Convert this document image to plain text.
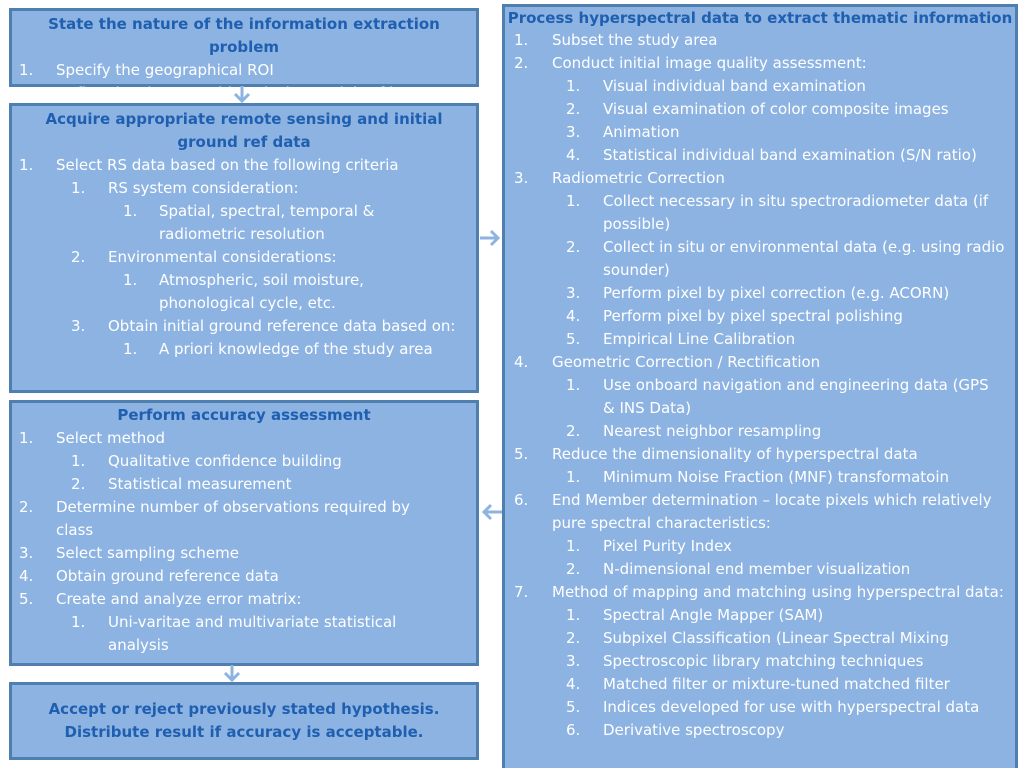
State the nature of the information extraction problem
1. Specify the geographical ROI
2. Define the classes or biological materials of interest
Acquire appropriate remote sensing and initial ground ref data
1. Select RS data based on the following criteria
1. RS system consideration:
1. Spatial, spectral, temporal & radiometric resolution
2. Environmental considerations:
1. Atmospheric, soil moisture, phonological cycle, etc.
3. Obtain initial ground reference data based on:
1. A priori knowledge of the study area
Perform accuracy assessment
1. Select method
1. Qualitative confidence building
2. Statistical measurement
2. Determine number of observations required by class
3. Select sampling scheme
4. Obtain ground reference data
5. Create and analyze error matrix:
1. Uni-varitae and multivariate statistical analysis
Accept or reject previously stated hypothesis.
Distribute result if accuracy is acceptable.
Process hyperspectral data to extract thematic information
1. Subset the study area
2. Conduct initial image quality assessment:
1. Visual individual band examination
2. Visual examination of color composite images
3. Animation
4. Statistical individual band examination (S/N ratio)
3. Radiometric Correction
1. Collect necessary in situ spectroradiometer data (if possible)
2. Collect in situ or environmental data (e.g. using radio sounder)
3. Perform pixel by pixel correction (e.g. ACORN)
4. Perform pixel by pixel spectral polishing
5. Empirical Line Calibration
4. Geometric Correction / Rectification
1. Use onboard navigation and engineering data (GPS & INS Data)
2. Nearest neighbor resampling
5. Reduce the dimensionality of hyperspectral data
1. Minimum Noise Fraction (MNF) transformatoin
6. End Member determination – locate pixels which relatively pure spectral characteristics:
1. Pixel Purity Index
2. N-dimensional end member visualization
7. Method of mapping and matching using hyperspectral data:
1. Spectral Angle Mapper (SAM)
2. Subpixel Classification (Linear Spectral Mixing
3. Spectroscopic library matching techniques
4. Matched filter or mixture-tuned matched filter
5. Indices developed for use with hyperspectral data
6. Derivative spectroscopy
